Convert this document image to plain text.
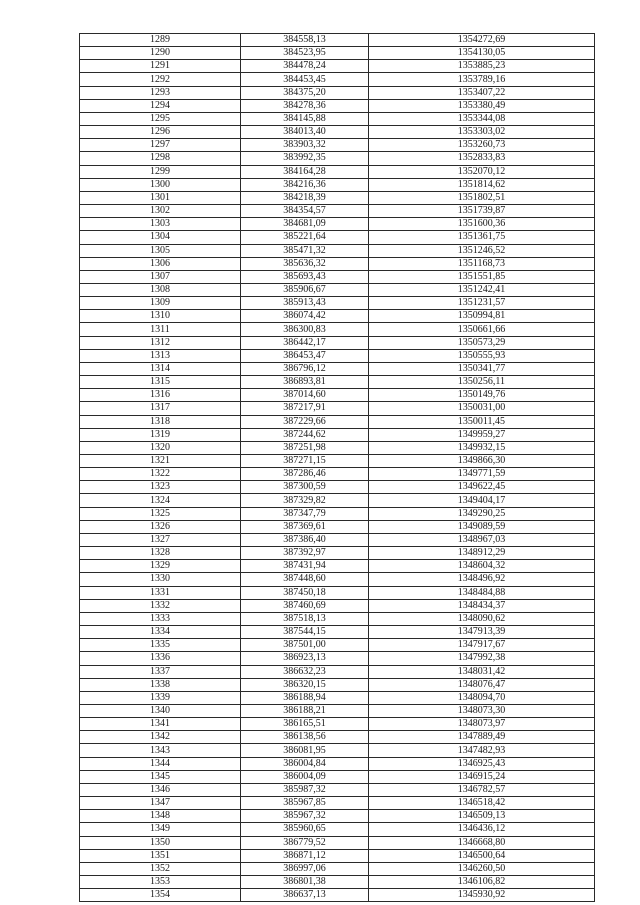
1289	384558,13	1354272,69
1290	384523,95	1354130,05
1291	384478,24	1353885,23
1292	384453,45	1353789,16
1293	384375,20	1353407,22
1294	384278,36	1353380,49
1295	384145,88	1353344,08
1296	384013,40	1353303,02
1297	383903,32	1353260,73
1298	383992,35	1352833,83
1299	384164,28	1352070,12
1300	384216,36	1351814,62
1301	384218,39	1351802,51
1302	384354,57	1351739,87
1303	384681,09	1351600,36
1304	385221,64	1351361,75
1305	385471,32	1351246,52
1306	385636,32	1351168,73
1307	385693,43	1351551,85
1308	385906,67	1351242,41
1309	385913,43	1351231,57
1310	386074,42	1350994,81
1311	386300,83	1350661,66
1312	386442,17	1350573,29
1313	386453,47	1350555,93
1314	386796,12	1350341,77
1315	386893,81	1350256,11
1316	387014,60	1350149,76
1317	387217,91	1350031,00
1318	387229,66	1350011,45
1319	387244,62	1349959,27
1320	387251,98	1349932,15
1321	387271,15	1349866,30
1322	387286,46	1349771,59
1323	387300,59	1349622,45
1324	387329,82	1349404,17
1325	387347,79	1349290,25
1326	387369,61	1349089,59
1327	387386,40	1348967,03
1328	387392,97	1348912,29
1329	387431,94	1348604,32
1330	387448,60	1348496,92
1331	387450,18	1348484,88
1332	387460,69	1348434,37
1333	387518,13	1348090,62
1334	387544,15	1347913,39
1335	387501,00	1347917,67
1336	386923,13	1347992,38
1337	386632,23	1348031,42
1338	386320,15	1348076,47
1339	386188,94	1348094,70
1340	386188,21	1348073,30
1341	386165,51	1348073,97
1342	386138,56	1347889,49
1343	386081,95	1347482,93
1344	386004,84	1346925,43
1345	386004,09	1346915,24
1346	385987,32	1346782,57
1347	385967,85	1346518,42
1348	385967,32	1346509,13
1349	385960,65	1346436,12
1350	386779,52	1346668,80
1351	386871,12	1346500,64
1352	386997,06	1346260,50
1353	386801,38	1346106,82
1354	386637,13	1345930,92
